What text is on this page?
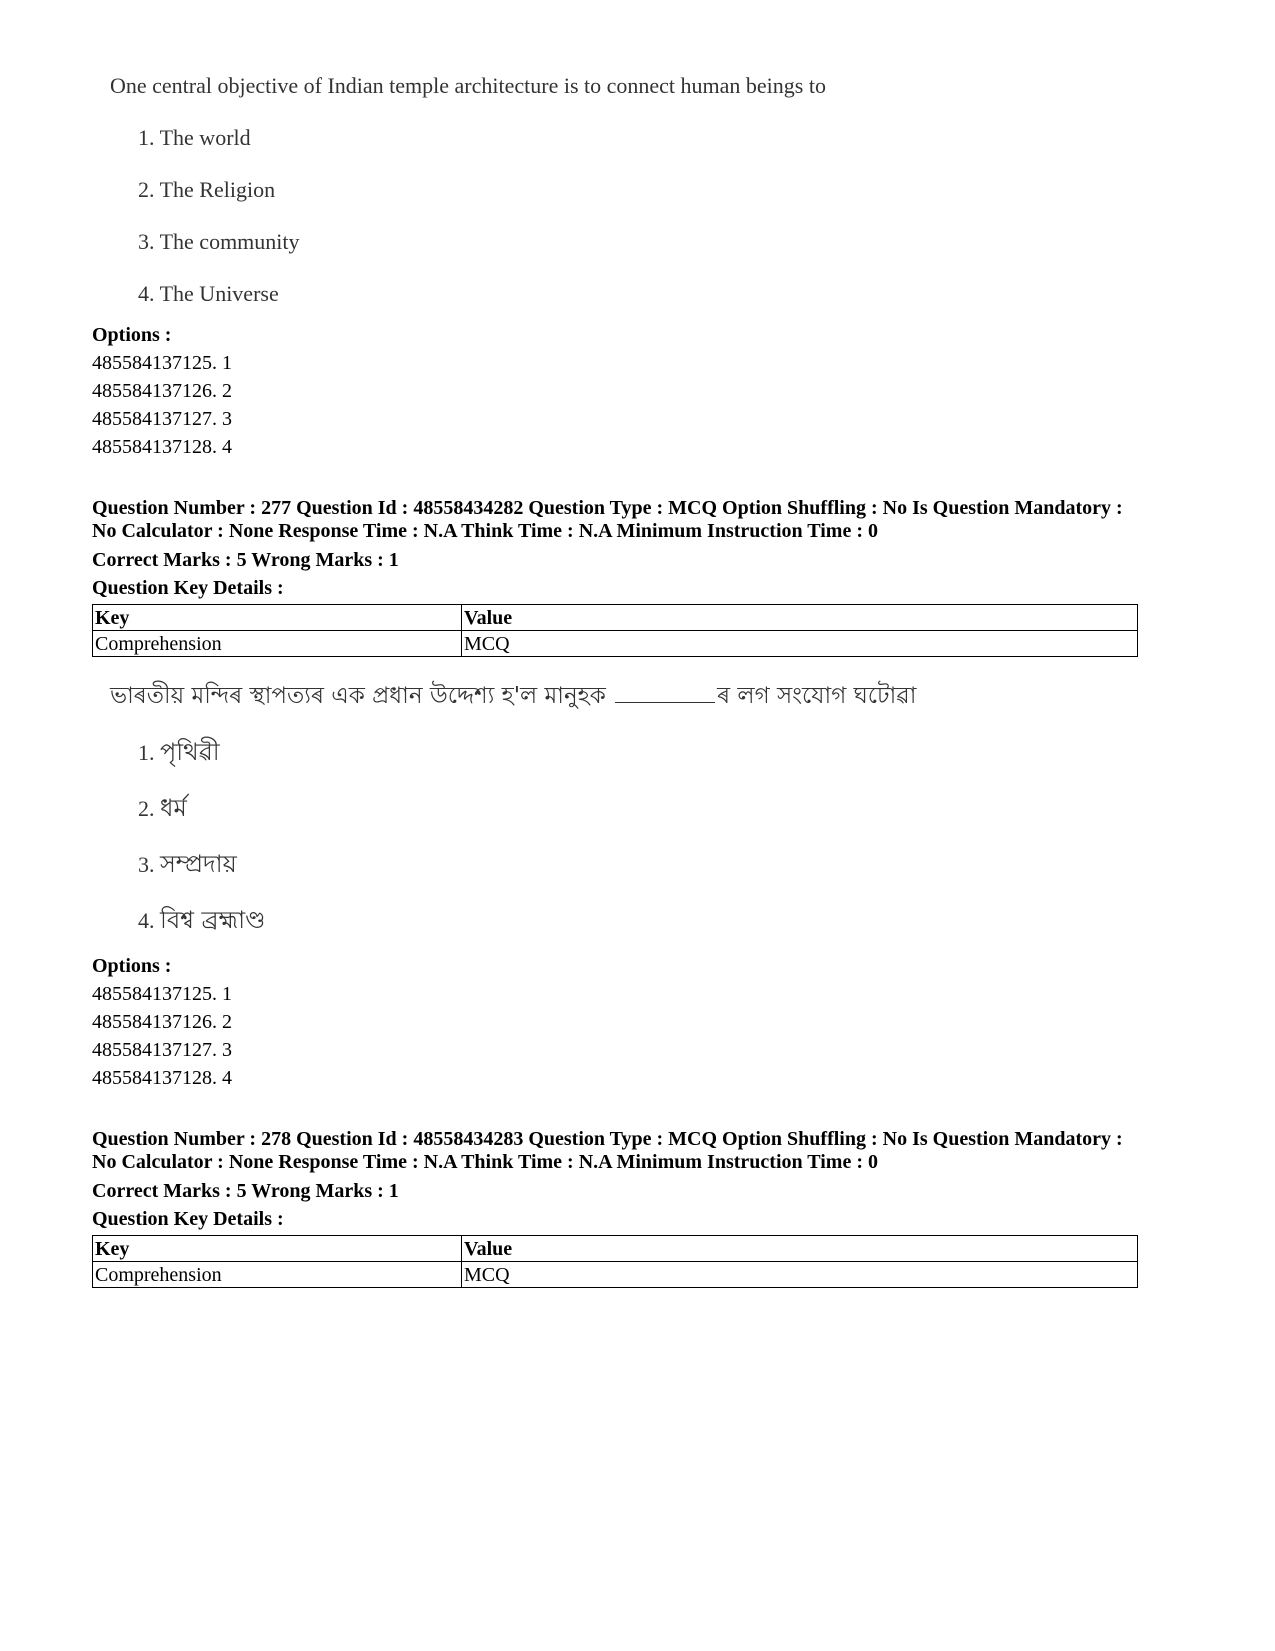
One central objective of Indian temple architecture is to connect human beings to
1. The world
2. The Religion
3. The community
4. The Universe
Options :
485584137125. 1
485584137126. 2
485584137127. 3
485584137128. 4
Question Number : 277 Question Id : 48558434282 Question Type : MCQ Option Shuffling : No Is Question Mandatory :
No Calculator : None Response Time : N.A Think Time : N.A Minimum Instruction Time : 0
Correct Marks : 5 Wrong Marks : 1
Question Key Details :
Key	Value
Comprehension	MCQ
ভাৰতীয় মন্দিৰ স্থাপত্যৰ এক প্ৰধান উদ্দেশ্য হ'ল মানুহক	ৰ লগ সংযোগ ঘটোৱা
1. পৃথিৱী
2. ধৰ্ম
3. সম্প্ৰদায়
4. বিশ্ব ব্ৰহ্মাণ্ড
Options :
485584137125. 1
485584137126. 2
485584137127. 3
485584137128. 4
Question Number : 278 Question Id : 48558434283 Question Type : MCQ Option Shuffling : No Is Question Mandatory :
No Calculator : None Response Time : N.A Think Time : N.A Minimum Instruction Time : 0
Correct Marks : 5 Wrong Marks : 1
Question Key Details :
Key	Value
Comprehension	MCQ
